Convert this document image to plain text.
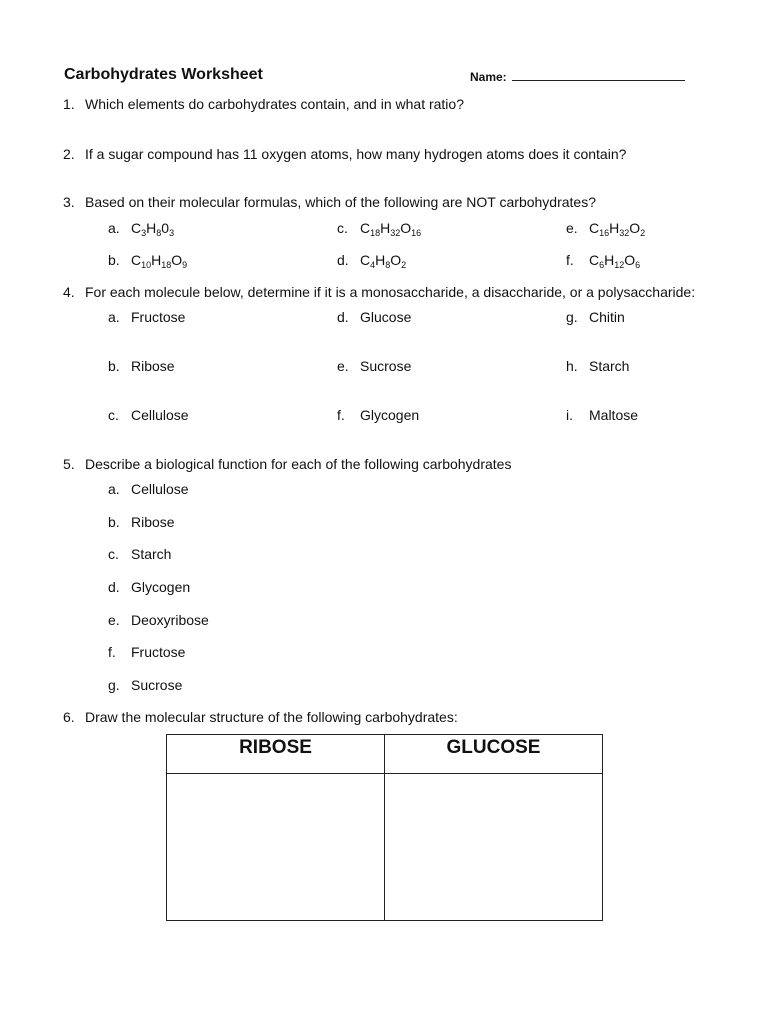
Carbohydrates Worksheet	Name:
1. Which elements do carbohydrates contain, and in what ratio?
2. If a sugar compound has 11 oxygen atoms, how many hydrogen atoms does it contain?
3. Based on their molecular formulas, which of the following are NOT carbohydrates?
a. $C_3H_80_3$
b. $C_{10}H_{18}O_9$
c. $C_{18}H_{32}O_{16}$
d. $C_4H_8O_2$
e. $C_{16}H_{32}O_2$
f. $C_6H_{12}O_6$
4. For each molecule below, determine if it is a monosaccharide, a disaccharide, or a polysaccharide:
a. Fructose
b. Ribose
c. Cellulose
d. Glucose
e. Sucrose
f. Glycogen
g. Chitin
h. Starch
i. Maltose
5. Describe a biological function for each of the following carbohydrates
a. Cellulose
b. Ribose
c. Starch
d. Glycogen
e. Deoxyribose
f. Fructose
g. Sucrose
6. Draw the molecular structure of the following carbohydrates:
RIBOSE	GLUCOSE
